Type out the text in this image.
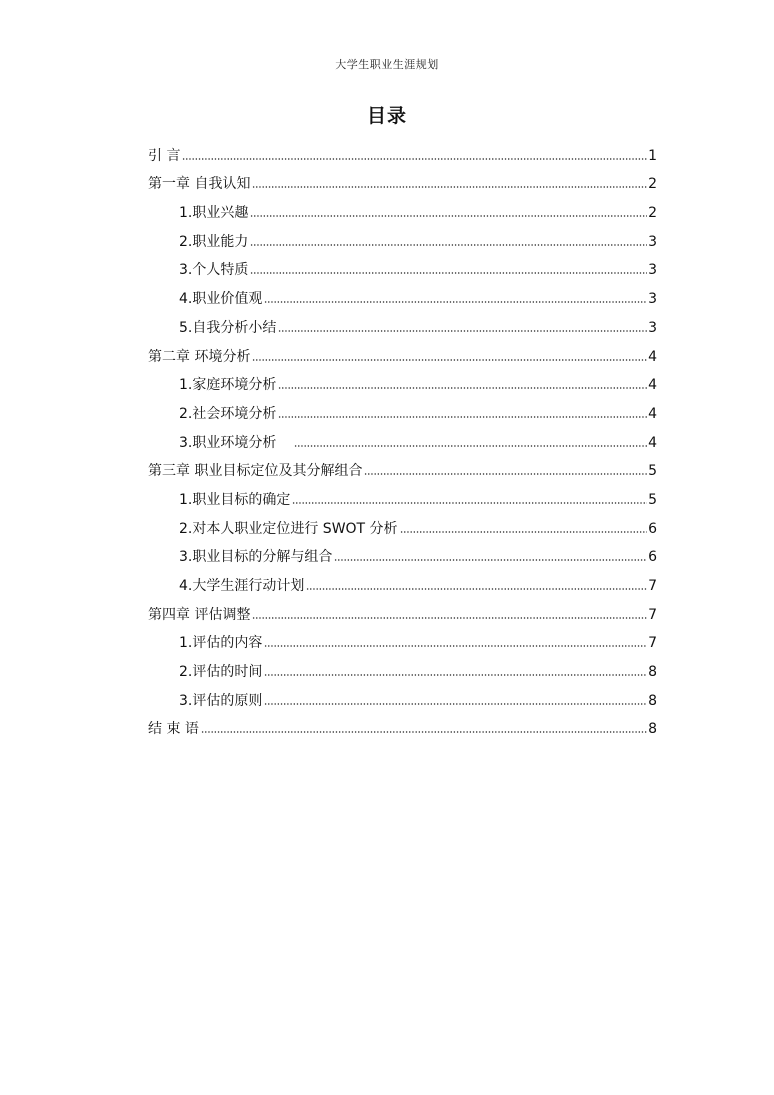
大学生职业生涯规划
目录
引 言	1
第一章 自我认知	2
1.职业兴趣	2
2.职业能力	3
3.个人特质	3
4.职业价值观	3
5.自我分析小结	3
第二章 环境分析	4
1.家庭环境分析	4
2.社会环境分析	4
3.职业环境分析	4
第三章 职业目标定位及其分解组合	5
1.职业目标的确定	5
2.对本人职业定位进行 SWOT 分析	6
3.职业目标的分解与组合	6
4.大学生涯行动计划	7
第四章 评估调整	7
1.评估的内容	7
2.评估的时间	8
3.评估的原则	8
结 束 语	8
